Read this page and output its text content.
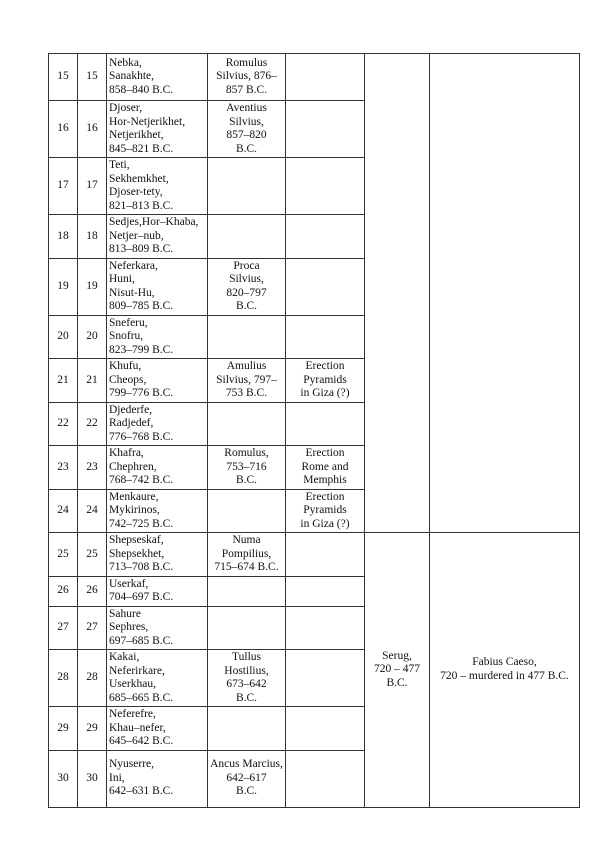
15	15	Nebka,
Sanakhte,
858–840 B.C.	Romulus
Silvius, 876–
857 B.C.			

16	16	Djoser,
Hor-Netjerikhet,
Netjerikhet,
845–821 B.C.	Aventius
Silvius,
857–820
B.C.			

17	17	Teti,
Sekhemkhet,
Djoser-tety,
821–813 B.C.				

18	18	Sedjes,Hor–Khaba,
Netjer–nub,
813–809 B.C.				

19	19	Neferkara,
Huni,
Nisut-Hu,
809–785 B.C.	Proca
Silvius,
820–797
B.C.			

20	20	Sneferu,
Snofru,
823–799 B.C.				

21	21	Khufu,
Cheops,
799–776 B.C.	Amulius
Silvius, 797–
753 B.C.	Erection
Pyramids
in Giza (?)		

22	22	Djederfe,
Radjedef,
776–768 B.C.				

23	23	Khafra,
Chephren,
768–742 B.C.	Romulus,
753–716
B.C.	Erection
Rome and
Memphis		

24	24	Menkaure,
Mykirinos,
742–725 B.C.		Erection
Pyramids
in Giza (?)		

25	25	Shepseskaf,
Shepsekhet,
713–708 B.C.	Numa
Pompilius,
715–674 B.C.		Serug,
720 – 477
B.C.	Fabius Caeso,
720 – murdered in 477 B.C.

26	26	Userkaf,
704–697 B.C.				

27	27	Sahure
Sephres,
697–685 B.C.				

28	28	Kakai,
Neferirkare,
Userkhau,
685–665 B.C.	Tullus
Hostilius,
673–642
B.C.			

29	29	Neferefre,
Khau–nefer,
645–642 B.C.				

30	30	Nyuserre,
Ini,
642–631 B.C.	Ancus Marcius,
642–617
B.C.			
